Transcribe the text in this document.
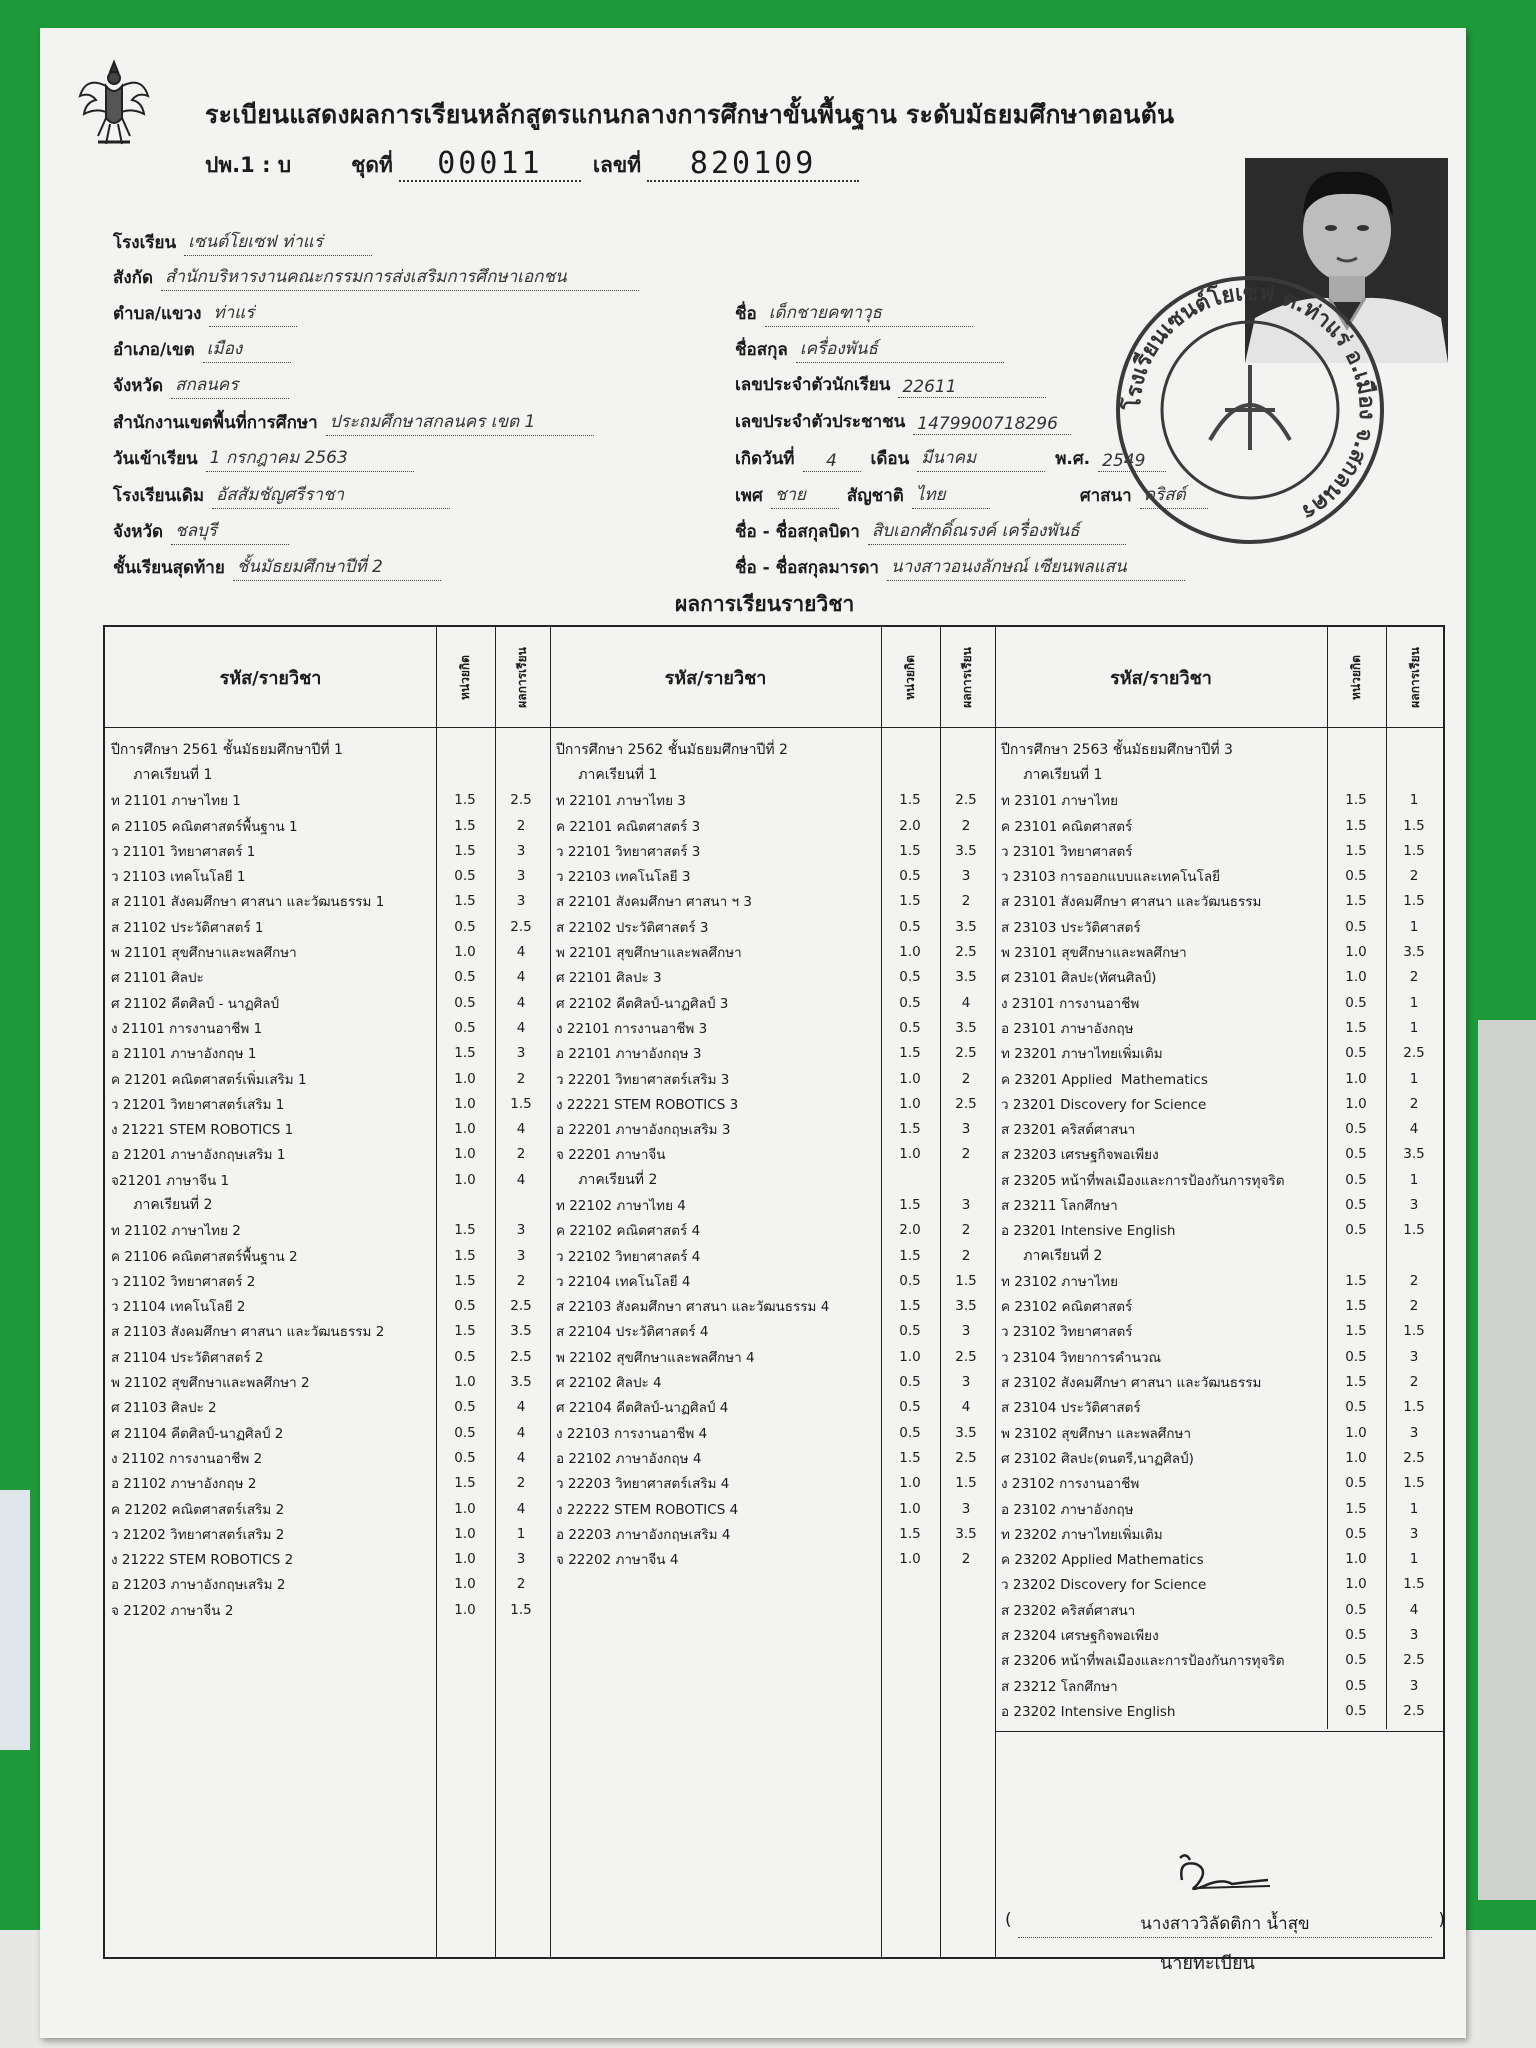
ระเบียนแสดงผลการเรียนหลักสูตรแกนกลางการศึกษาขั้นพื้นฐาน ระดับมัธยมศึกษาตอนต้น
ปพ.1 : บ	ชุดที่	00011	เลขที่	820109
โรงเรียน เซนต์โยเซฟ ท่าแร่
สังกัด สำนักบริหารงานคณะกรรมการส่งเสริมการศึกษาเอกชน
ตำบล/แขวง ท่าแร่
อำเภอ/เขต เมือง
จังหวัด สกลนคร
สำนักงานเขตพื้นที่การศึกษา ประถมศึกษาสกลนคร เขต 1
วันเข้าเรียน 1 กรกฎาคม 2563
โรงเรียนเดิม อัสสัมชัญศรีราชา
จังหวัด ชลบุรี
ชั้นเรียนสุดท้าย ชั้นมัธยมศึกษาปีที่ 2
ชื่อ เด็กชายคฑาวุธ
ชื่อสกุล เครื่องพันธ์
เลขประจำตัวนักเรียน 22611
เลขประจำตัวประชาชน 1479900718296
เกิดวันที่	4	เดือน มีนาคม	พ.ศ. 2549
เพศ ชาย	สัญชาติ ไทย	ศาสนา คริสต์
ชื่อ - ชื่อสกุลบิดา สิบเอกศักดิ์ณรงค์ เครื่องพันธ์
ชื่อ - ชื่อสกุลมารดา นางสาวอนงลักษณ์ เซียนพลแสน
โรงเรียนเซนต์โยเซฟ ต.ท่าแร่ อ.เมือง จ.สกลนคร
ผลการเรียนรายวิชา
รหัส/รายวิชา	หน่วยกิต	ผลการเรียน	รหัส/รายวิชา	หน่วยกิต	ผลการเรียน	รหัส/รายวิชา	หน่วยกิต	ผลการเรียน
ปีการศึกษา 2561 ชั้นมัธยมศึกษาปีที่ 1
ภาคเรียนที่ 1
ท 21101 ภาษาไทย 1	1.5	2.5
ค 21105 คณิตศาสตร์พื้นฐาน 1	1.5	2
ว 21101 วิทยาศาสตร์ 1	1.5	3
ว 21103 เทคโนโลยี 1	0.5	3
ส 21101 สังคมศึกษา ศาสนา และวัฒนธรรม 1	1.5	3
ส 21102 ประวัติศาสตร์ 1	0.5	2.5
พ 21101 สุขศึกษาและพลศึกษา	1.0	4
ศ 21101 ศิลปะ	0.5	4
ศ 21102 คีตศิลป์ - นาฏศิลป์	0.5	4
ง 21101 การงานอาชีพ 1	0.5	4
อ 21101 ภาษาอังกฤษ 1	1.5	3
ค 21201 คณิตศาสตร์เพิ่มเสริม 1	1.0	2
ว 21201 วิทยาศาสตร์เสริม 1	1.0	1.5
ง 21221 STEM ROBOTICS 1	1.0	4
อ 21201 ภาษาอังกฤษเสริม 1	1.0	2
จ21201 ภาษาจีน 1	1.0	4
ภาคเรียนที่ 2
ท 21102 ภาษาไทย 2	1.5	3
ค 21106 คณิตศาสตร์พื้นฐาน 2	1.5	3
ว 21102 วิทยาศาสตร์ 2	1.5	2
ว 21104 เทคโนโลยี 2	0.5	2.5
ส 21103 สังคมศึกษา ศาสนา และวัฒนธรรม 2	1.5	3.5
ส 21104 ประวัติศาสตร์ 2	0.5	2.5
พ 21102 สุขศึกษาและพลศึกษา 2	1.0	3.5
ศ 21103 ศิลปะ 2	0.5	4
ศ 21104 คีตศิลป์-นาฏศิลป์ 2	0.5	4
ง 21102 การงานอาชีพ 2	0.5	4
อ 21102 ภาษาอังกฤษ 2	1.5	2
ค 21202 คณิตศาสตร์เสริม 2	1.0	4
ว 21202 วิทยาศาสตร์เสริม 2	1.0	1
ง 21222 STEM ROBOTICS 2	1.0	3
อ 21203 ภาษาอังกฤษเสริม 2	1.0	2
จ 21202 ภาษาจีน 2	1.0	1.5
ปีการศึกษา 2562 ชั้นมัธยมศึกษาปีที่ 2
ภาคเรียนที่ 1
ท 22101 ภาษาไทย 3	1.5	2.5
ค 22101 คณิตศาสตร์ 3	2.0	2
ว 22101 วิทยาศาสตร์ 3	1.5	3.5
ว 22103 เทคโนโลยี 3	0.5	3
ส 22101 สังคมศึกษา ศาสนา ฯ 3	1.5	2
ส 22102 ประวัติศาสตร์ 3	0.5	3.5
พ 22101 สุขศึกษาและพลศึกษา	1.0	2.5
ศ 22101 ศิลปะ 3	0.5	3.5
ศ 22102 คีตศิลป์-นาฏศิลป์ 3	0.5	4
ง 22101 การงานอาชีพ 3	0.5	3.5
อ 22101 ภาษาอังกฤษ 3	1.5	2.5
ว 22201 วิทยาศาสตร์เสริม 3	1.0	2
ง 22221 STEM ROBOTICS 3	1.0	2.5
อ 22201 ภาษาอังกฤษเสริม 3	1.5	3
จ 22201 ภาษาจีน	1.0	2
ภาคเรียนที่ 2
ท 22102 ภาษาไทย 4	1.5	3
ค 22102 คณิตศาสตร์ 4	2.0	2
ว 22102 วิทยาศาสตร์ 4	1.5	2
ว 22104 เทคโนโลยี 4	0.5	1.5
ส 22103 สังคมศึกษา ศาสนา และวัฒนธรรม 4	1.5	3.5
ส 22104 ประวัติศาสตร์ 4	0.5	3
พ 22102 สุขศึกษาและพลศึกษา 4	1.0	2.5
ศ 22102 ศิลปะ 4	0.5	3
ศ 22104 คีตศิลป์-นาฏศิลป์ 4	0.5	4
ง 22103 การงานอาชีพ 4	0.5	3.5
อ 22102 ภาษาอังกฤษ 4	1.5	2.5
ว 22203 วิทยาศาสตร์เสริม 4	1.0	1.5
ง 22222 STEM ROBOTICS 4	1.0	3
อ 22203 ภาษาอังกฤษเสริม 4	1.5	3.5
จ 22202 ภาษาจีน 4	1.0	2
ปีการศึกษา 2563 ชั้นมัธยมศึกษาปีที่ 3
ภาคเรียนที่ 1
ท 23101 ภาษาไทย	1.5	1
ค 23101 คณิตศาสตร์	1.5	1.5
ว 23101 วิทยาศาสตร์	1.5	1.5
ว 23103 การออกแบบและเทคโนโลยี	0.5	2
ส 23101 สังคมศึกษา ศาสนา และวัฒนธรรม	1.5	1.5
ส 23103 ประวัติศาสตร์	0.5	1
พ 23101 สุขศึกษาและพลศึกษา	1.0	3.5
ศ 23101 ศิลปะ(ทัศนศิลป์)	1.0	2
ง 23101 การงานอาชีพ	0.5	1
อ 23101 ภาษาอังกฤษ	1.5	1
ท 23201 ภาษาไทยเพิ่มเติม	0.5	2.5
ค 23201 Applied  Mathematics	1.0	1
ว 23201 Discovery for Science	1.0	2
ส 23201 คริสต์ศาสนา	0.5	4
ส 23203 เศรษฐกิจพอเพียง	0.5	3.5
ส 23205 หน้าที่พลเมืองและการป้องกันการทุจริต	0.5	1
ส 23211 โลกศึกษา	0.5	3
อ 23201 Intensive English	0.5	1.5
ภาคเรียนที่ 2
ท 23102 ภาษาไทย	1.5	2
ค 23102 คณิตศาสตร์	1.5	2
ว 23102 วิทยาศาสตร์	1.5	1.5
ว 23104 วิทยาการคำนวณ	0.5	3
ส 23102 สังคมศึกษา ศาสนา และวัฒนธรรม	1.5	2
ส 23104 ประวัติศาสตร์	0.5	1.5
พ 23102 สุขศึกษา และพลศึกษา	1.0	3
ศ 23102 ศิลปะ(ดนตรี,นาฏศิลป์)	1.0	2.5
ง 23102 การงานอาชีพ	0.5	1.5
อ 23102 ภาษาอังกฤษ	1.5	1
ท 23202 ภาษาไทยเพิ่มเติม	0.5	3
ค 23202 Applied Mathematics	1.0	1
ว 23202 Discovery for Science	1.0	1.5
ส 23202 คริสต์ศาสนา	0.5	4
ส 23204 เศรษฐกิจพอเพียง	0.5	3
ส 23206 หน้าที่พลเมืองและการป้องกันการทุจริต	0.5	2.5
ส 23212 โลกศึกษา	0.5	3
อ 23202 Intensive English	0.5	2.5
(	นางสาววิลัดติกา น้ำสุข	)
นายทะเบียน
